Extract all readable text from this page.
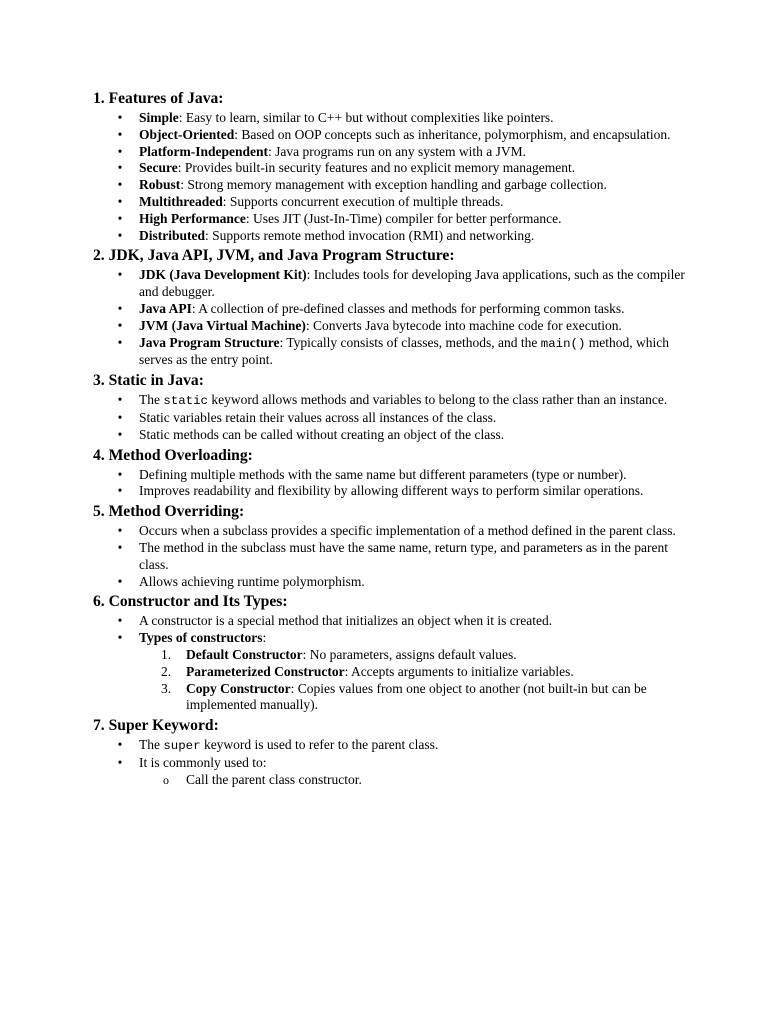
1. Features of Java:
• Simple: Easy to learn, similar to C++ but without complexities like pointers.
• Object-Oriented: Based on OOP concepts such as inheritance, polymorphism, and encapsulation.
• Platform-Independent: Java programs run on any system with a JVM.
• Secure: Provides built-in security features and no explicit memory management.
• Robust: Strong memory management with exception handling and garbage collection.
• Multithreaded: Supports concurrent execution of multiple threads.
• High Performance: Uses JIT (Just-In-Time) compiler for better performance.
• Distributed: Supports remote method invocation (RMI) and networking.
2. JDK, Java API, JVM, and Java Program Structure:
• JDK (Java Development Kit): Includes tools for developing Java applications, such as the compiler and debugger.
• Java API: A collection of pre-defined classes and methods for performing common tasks.
• JVM (Java Virtual Machine): Converts Java bytecode into machine code for execution.
• Java Program Structure: Typically consists of classes, methods, and the main() method, which serves as the entry point.
3. Static in Java:
• The static keyword allows methods and variables to belong to the class rather than an instance.
• Static variables retain their values across all instances of the class.
• Static methods can be called without creating an object of the class.
4. Method Overloading:
• Defining multiple methods with the same name but different parameters (type or number).
• Improves readability and flexibility by allowing different ways to perform similar operations.
5. Method Overriding:
• Occurs when a subclass provides a specific implementation of a method defined in the parent class.
• The method in the subclass must have the same name, return type, and parameters as in the parent class.
• Allows achieving runtime polymorphism.
6. Constructor and Its Types:
• A constructor is a special method that initializes an object when it is created.
• Types of constructors:
1. Default Constructor: No parameters, assigns default values.
2. Parameterized Constructor: Accepts arguments to initialize variables.
3. Copy Constructor: Copies values from one object to another (not built-in but can be implemented manually).
7. Super Keyword:
• The super keyword is used to refer to the parent class.
• It is commonly used to:
o Call the parent class constructor.
